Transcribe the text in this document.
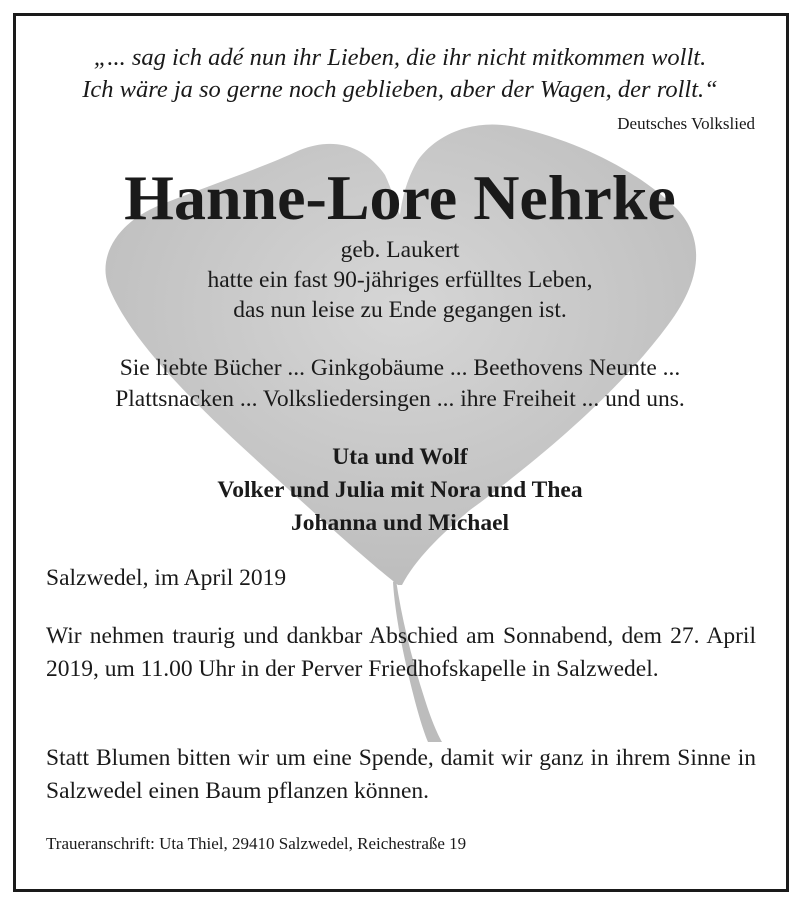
„... sag ich adé nun ihr Lieben, die ihr nicht mitkommen wollt.
Ich wäre ja so gerne noch geblieben, aber der Wagen, der rollt.“
Deutsches Volkslied
Hanne-Lore Nehrke
geb. Laukert
hatte ein fast 90-jähriges erfülltes Leben,
das nun leise zu Ende gegangen ist.
Sie liebte Bücher ... Ginkgobäume ... Beethovens Neunte ...
Plattsnacken ... Volksliedersingen ... ihre Freiheit ... und uns.
Uta und Wolf
Volker und Julia mit Nora und Thea
Johanna und Michael
Salzwedel, im April 2019
Wir nehmen traurig und dankbar Abschied am Sonnabend, dem 27. April 2019, um 11.00 Uhr in der Perver Friedhofskapelle in Salzwedel.
Statt Blumen bitten wir um eine Spende, damit wir ganz in ihrem Sinne in Salzwedel einen Baum pflanzen können.
Traueranschrift: Uta Thiel, 29410 Salzwedel, Reichestraße 19
